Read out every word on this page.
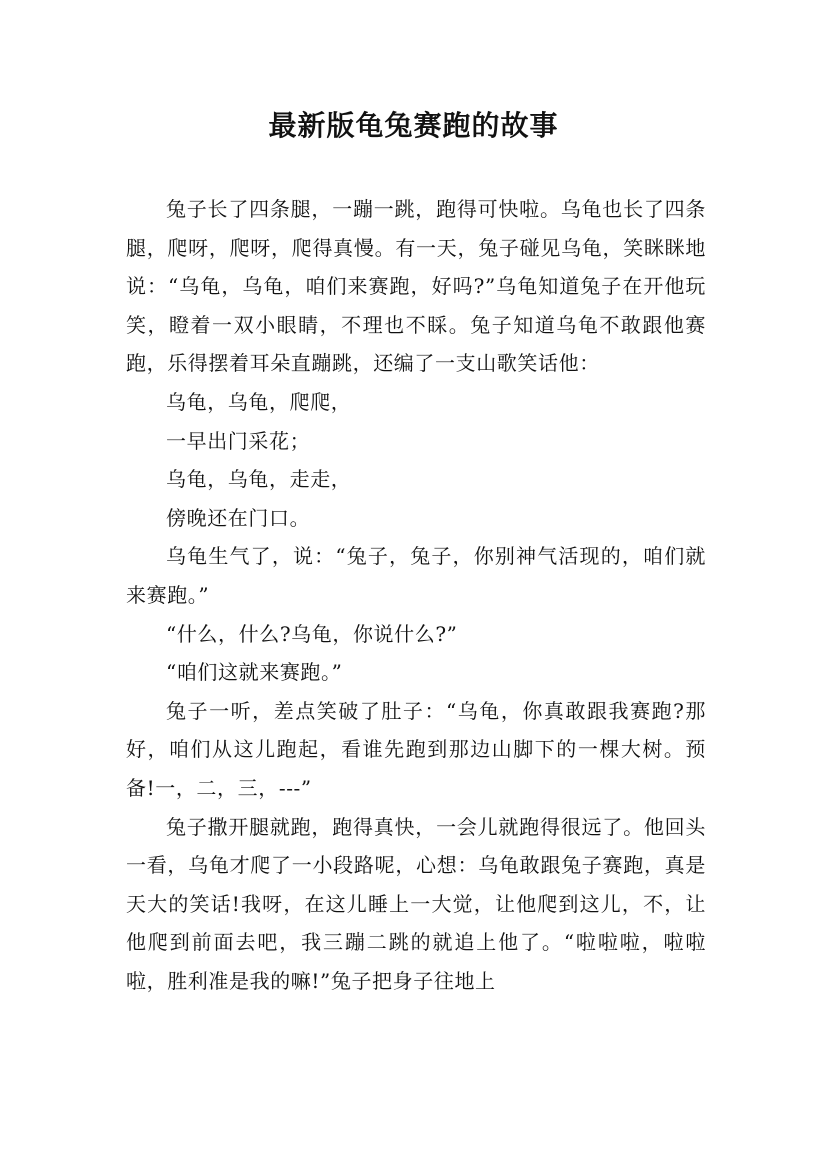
最新版龟兔赛跑的故事

兔子长了四条腿，一蹦一跳，跑得可快啦。乌龟也长了四条腿，爬呀，爬呀，爬得真慢。有一天，兔子碰见乌龟，笑眯眯地说：“乌龟，乌龟，咱们来赛跑，好吗?”乌龟知道兔子在开他玩笑，瞪着一双小眼睛，不理也不睬。兔子知道乌龟不敢跟他赛跑，乐得摆着耳朵直蹦跳，还编了一支山歌笑话他：

乌龟，乌龟，爬爬，

一早出门采花；

乌龟，乌龟，走走，

傍晚还在门口。

乌龟生气了，说：“兔子，兔子，你别神气活现的，咱们就来赛跑。”

“什么，什么?乌龟，你说什么?”

“咱们这就来赛跑。”

兔子一听，差点笑破了肚子：“乌龟，你真敢跟我赛跑?那好，咱们从这儿跑起，看谁先跑到那边山脚下的一棵大树。预备!一，二，三，---”

兔子撒开腿就跑，跑得真快，一会儿就跑得很远了。他回头一看，乌龟才爬了一小段路呢，心想：乌龟敢跟兔子赛跑，真是天大的笑话!我呀，在这儿睡上一大觉，让他爬到这儿，不，让他爬到前面去吧，我三蹦二跳的就追上他了。“啦啦啦，啦啦啦，胜利准是我的嘛!”兔子把身子往地上
